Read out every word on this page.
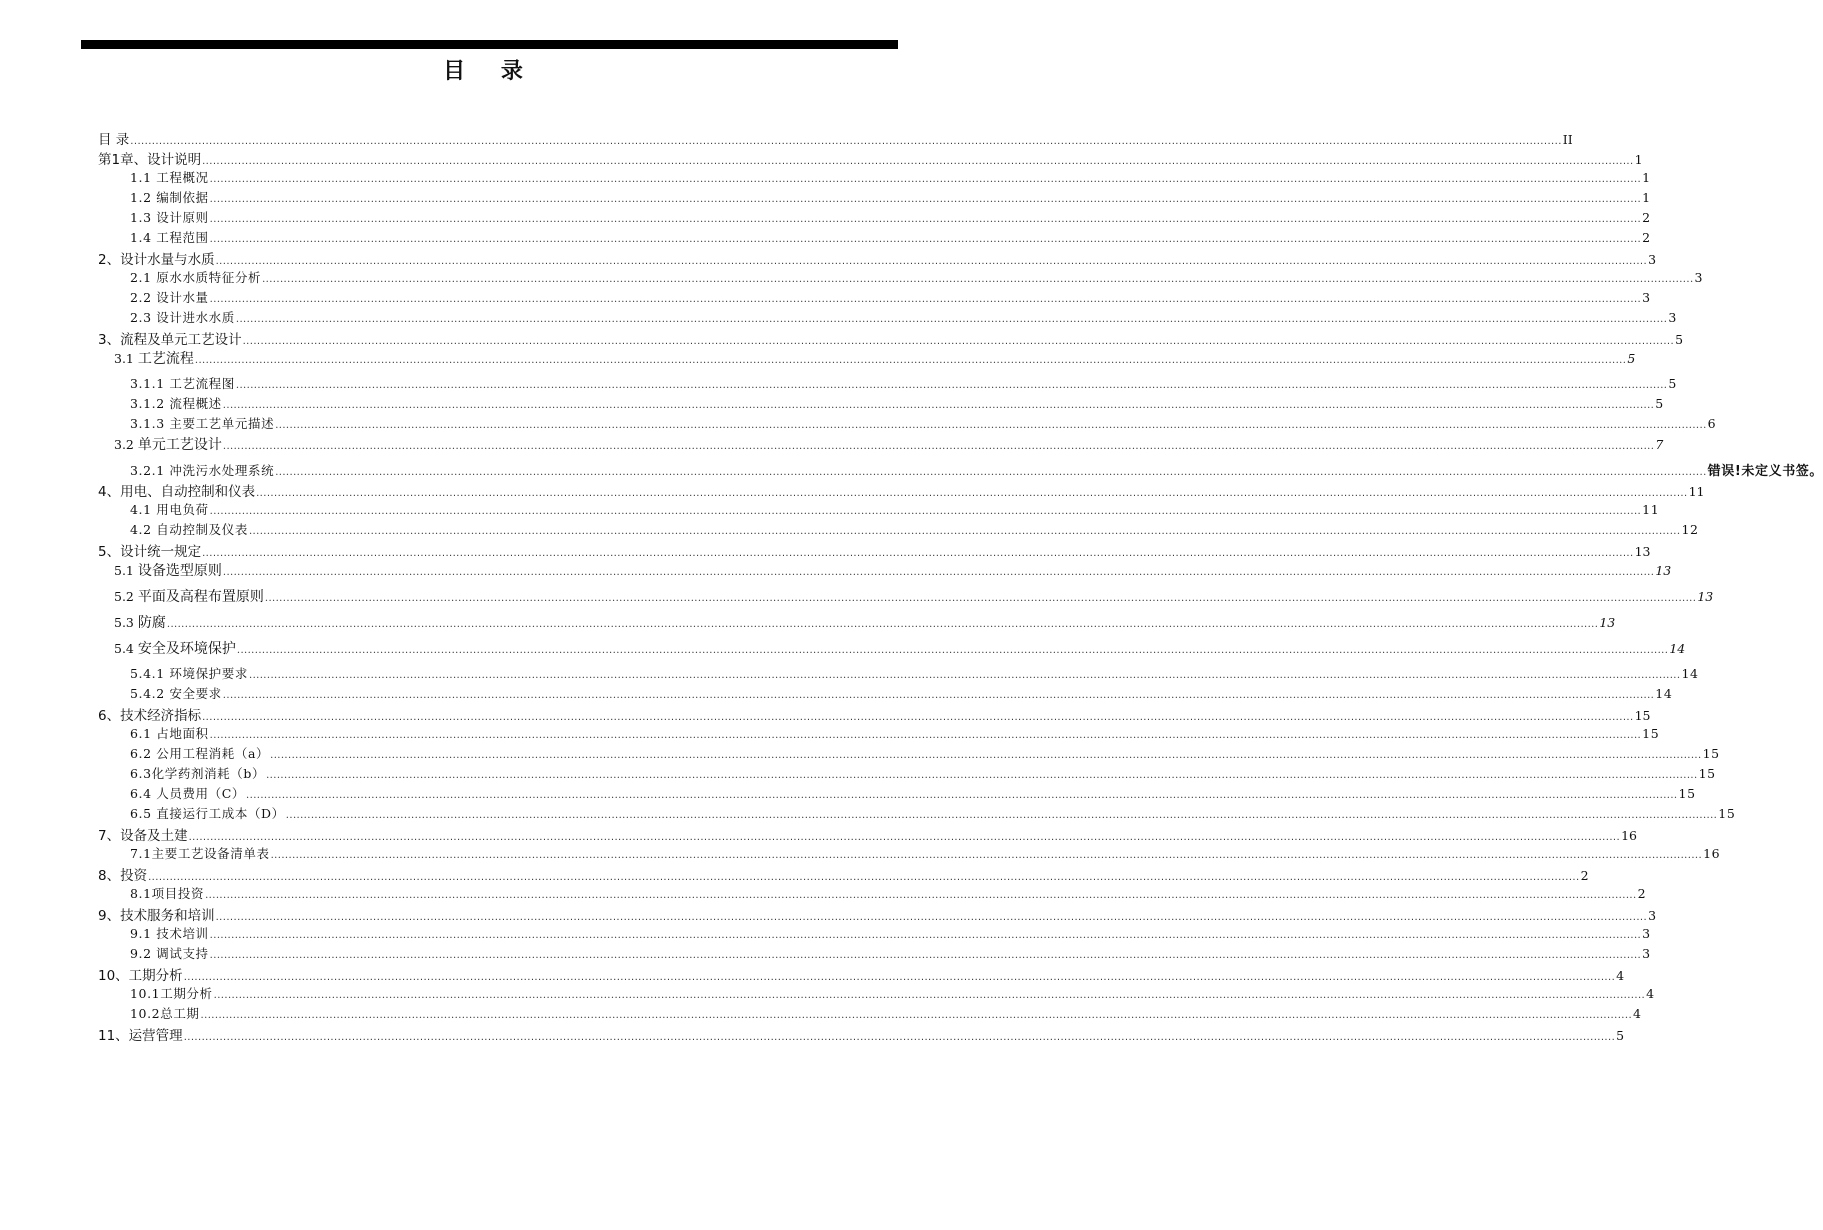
目 录
目 录 ................................................................................................................................................................................................................................................................................................................................................................................................................ II
第1章、设计说明 ................................................................................................................................................................................................................................................................................................................................................................................................................ 1
1.1 工程概况 ................................................................................................................................................................................................................................................................................................................................................................................................................ 1
1.2 编制依据 ................................................................................................................................................................................................................................................................................................................................................................................................................ 1
1.3 设计原则 ................................................................................................................................................................................................................................................................................................................................................................................................................ 2
1.4 工程范围 ................................................................................................................................................................................................................................................................................................................................................................................................................ 2
2、设计水量与水质 ................................................................................................................................................................................................................................................................................................................................................................................................................ 3
2.1 原水水质特征分析 ................................................................................................................................................................................................................................................................................................................................................................................................................ 3
2.2 设计水量 ................................................................................................................................................................................................................................................................................................................................................................................................................ 3
2.3 设计进水水质 ................................................................................................................................................................................................................................................................................................................................................................................................................ 3
3、流程及单元工艺设计 ................................................................................................................................................................................................................................................................................................................................................................................................................ 5
3.1 工艺流程 ................................................................................................................................................................................................................................................................................................................................................................................................................ 5
3.1.1 工艺流程图 ................................................................................................................................................................................................................................................................................................................................................................................................................ 5
3.1.2 流程概述 ................................................................................................................................................................................................................................................................................................................................................................................................................ 5
3.1.3 主要工艺单元描述 ................................................................................................................................................................................................................................................................................................................................................................................................................ 6
3.2 单元工艺设计 ................................................................................................................................................................................................................................................................................................................................................................................................................ 7
3.2.1 冲洗污水处理系统 ................................................................................................................................................................................................................................................................................................................................................................................................................ 错误!未定义书签。
4、用电、自动控制和仪表 ................................................................................................................................................................................................................................................................................................................................................................................................................ 11
4.1 用电负荷 ................................................................................................................................................................................................................................................................................................................................................................................................................ 11
4.2 自动控制及仪表 ................................................................................................................................................................................................................................................................................................................................................................................................................ 12
5、设计统一规定 ................................................................................................................................................................................................................................................................................................................................................................................................................ 13
5.1 设备选型原则 ................................................................................................................................................................................................................................................................................................................................................................................................................ 13
5.2 平面及高程布置原则 ................................................................................................................................................................................................................................................................................................................................................................................................................ 13
5.3 防腐 ................................................................................................................................................................................................................................................................................................................................................................................................................ 13
5.4 安全及环境保护 ................................................................................................................................................................................................................................................................................................................................................................................................................ 14
5.4.1 环境保护要求 ................................................................................................................................................................................................................................................................................................................................................................................................................ 14
5.4.2 安全要求 ................................................................................................................................................................................................................................................................................................................................................................................................................ 14
6、技术经济指标 ................................................................................................................................................................................................................................................................................................................................................................................................................ 15
6.1 占地面积 ................................................................................................................................................................................................................................................................................................................................................................................................................ 15
6.2 公用工程消耗（a） ................................................................................................................................................................................................................................................................................................................................................................................................................ 15
6.3化学药剂消耗（b） ................................................................................................................................................................................................................................................................................................................................................................................................................ 15
6.4 人员费用（C） ................................................................................................................................................................................................................................................................................................................................................................................................................ 15
6.5 直接运行工成本（D） ................................................................................................................................................................................................................................................................................................................................................................................................................ 15
7、设备及土建 ................................................................................................................................................................................................................................................................................................................................................................................................................ 16
7.1主要工艺设备清单表 ................................................................................................................................................................................................................................................................................................................................................................................................................ 16
8、投资 ................................................................................................................................................................................................................................................................................................................................................................................................................ 2
8.1项目投资 ................................................................................................................................................................................................................................................................................................................................................................................................................ 2
9、技术服务和培训 ................................................................................................................................................................................................................................................................................................................................................................................................................ 3
9.1 技术培训 ................................................................................................................................................................................................................................................................................................................................................................................................................ 3
9.2 调试支持 ................................................................................................................................................................................................................................................................................................................................................................................................................ 3
10、工期分析 ................................................................................................................................................................................................................................................................................................................................................................................................................ 4
10.1工期分析 ................................................................................................................................................................................................................................................................................................................................................................................................................ 4
10.2总工期 ................................................................................................................................................................................................................................................................................................................................................................................................................ 4
11、运营管理 ................................................................................................................................................................................................................................................................................................................................................................................................................ 5
